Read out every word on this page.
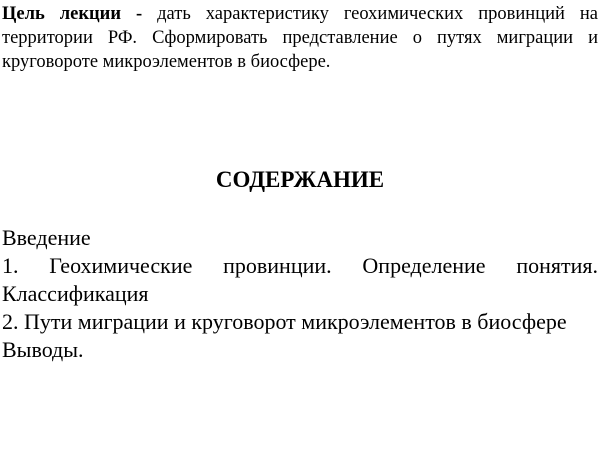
Цель лекции - дать характеристику геохимических провинций на территории РФ. Сформировать представление о путях миграции и круговороте микроэлементов в биосфере.

СОДЕРЖАНИЕ
Введение
1. Геохимические провинции. Определение понятия. Классификация
2. Пути миграции и круговорот микроэлементов в биосфере
Выводы.
